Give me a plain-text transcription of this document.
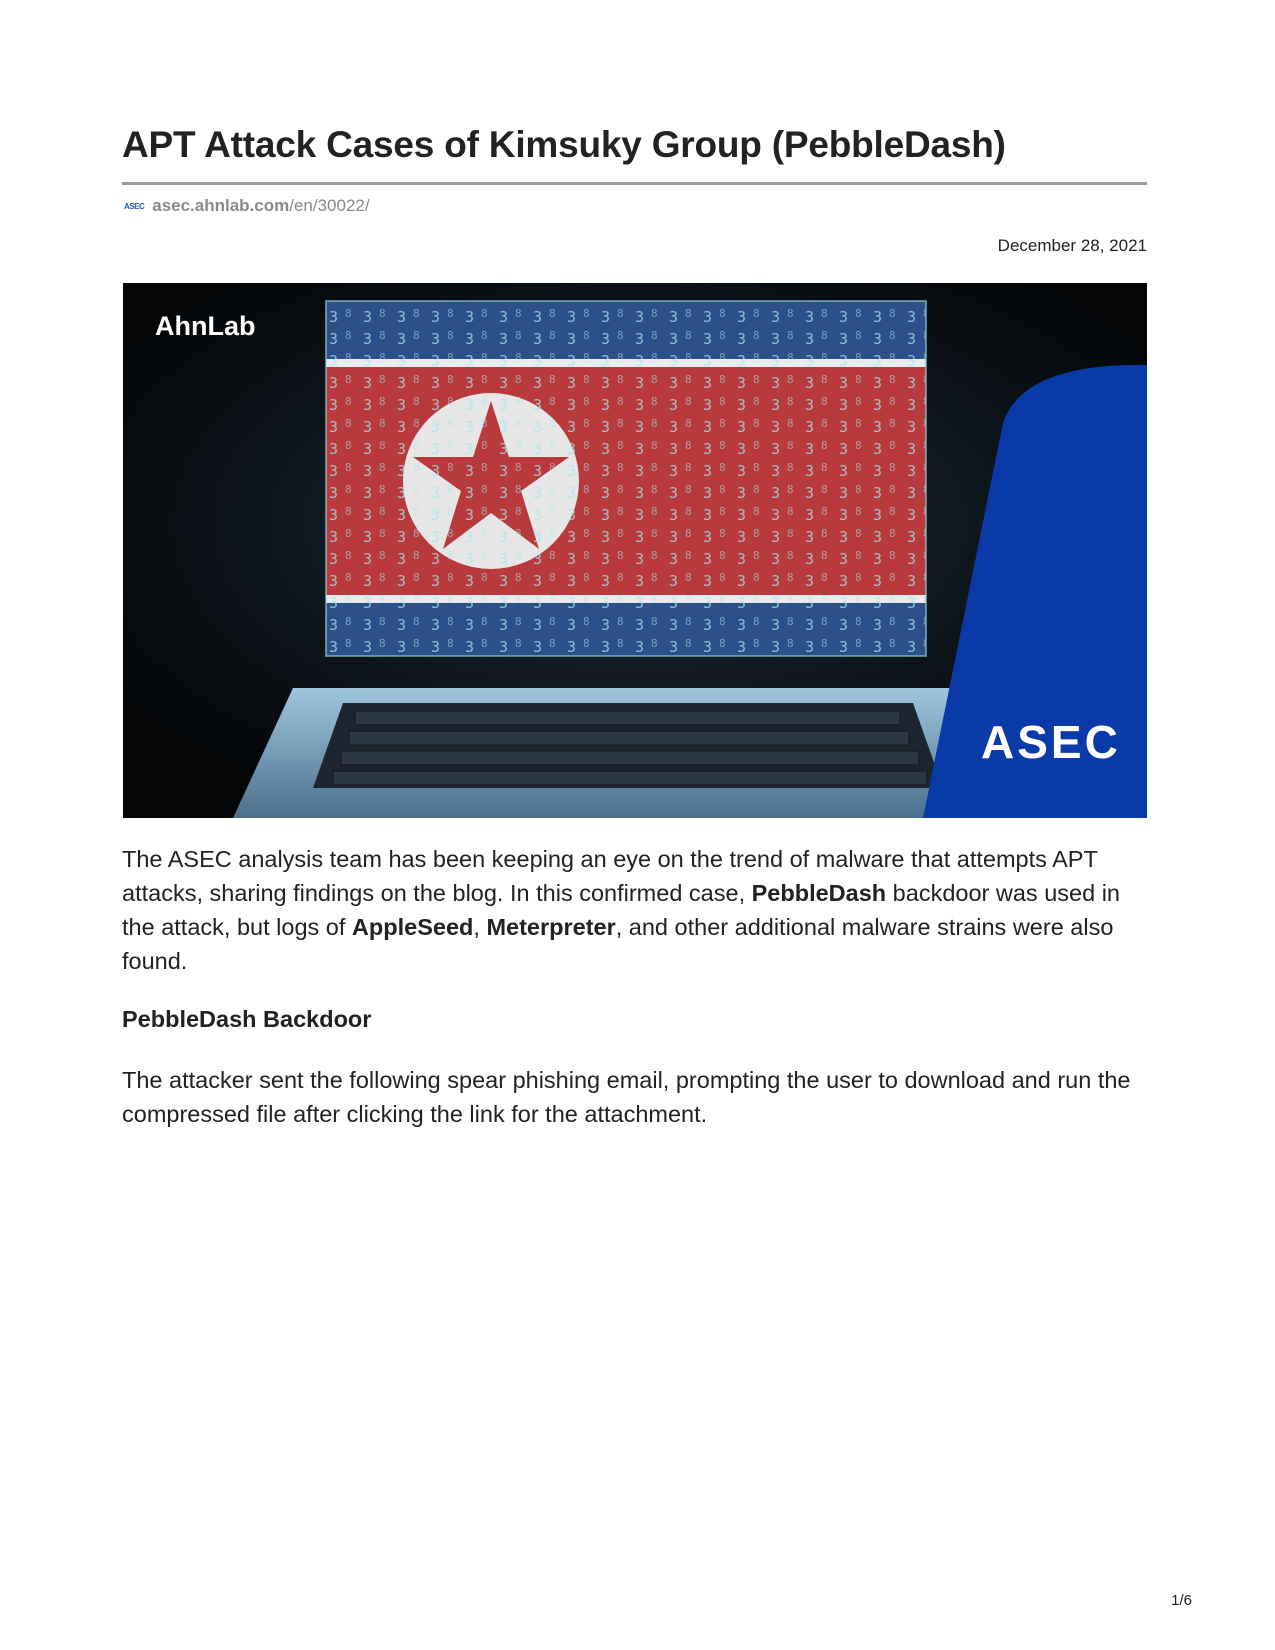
APT Attack Cases of Kimsuky Group (PebbleDash)
ASEC asec.ahnlab.com/en/30022/
December 28, 2021
AhnLab
ASEC

The ASEC analysis team has been keeping an eye on the trend of malware that attempts APT attacks, sharing findings on the blog. In this confirmed case, PebbleDash backdoor was used in the attack, but logs of AppleSeed, Meterpreter, and other additional malware strains were also found.

PebbleDash Backdoor

The attacker sent the following spear phishing email, prompting the user to download and run the compressed file after clicking the link for the attachment.

1/6
